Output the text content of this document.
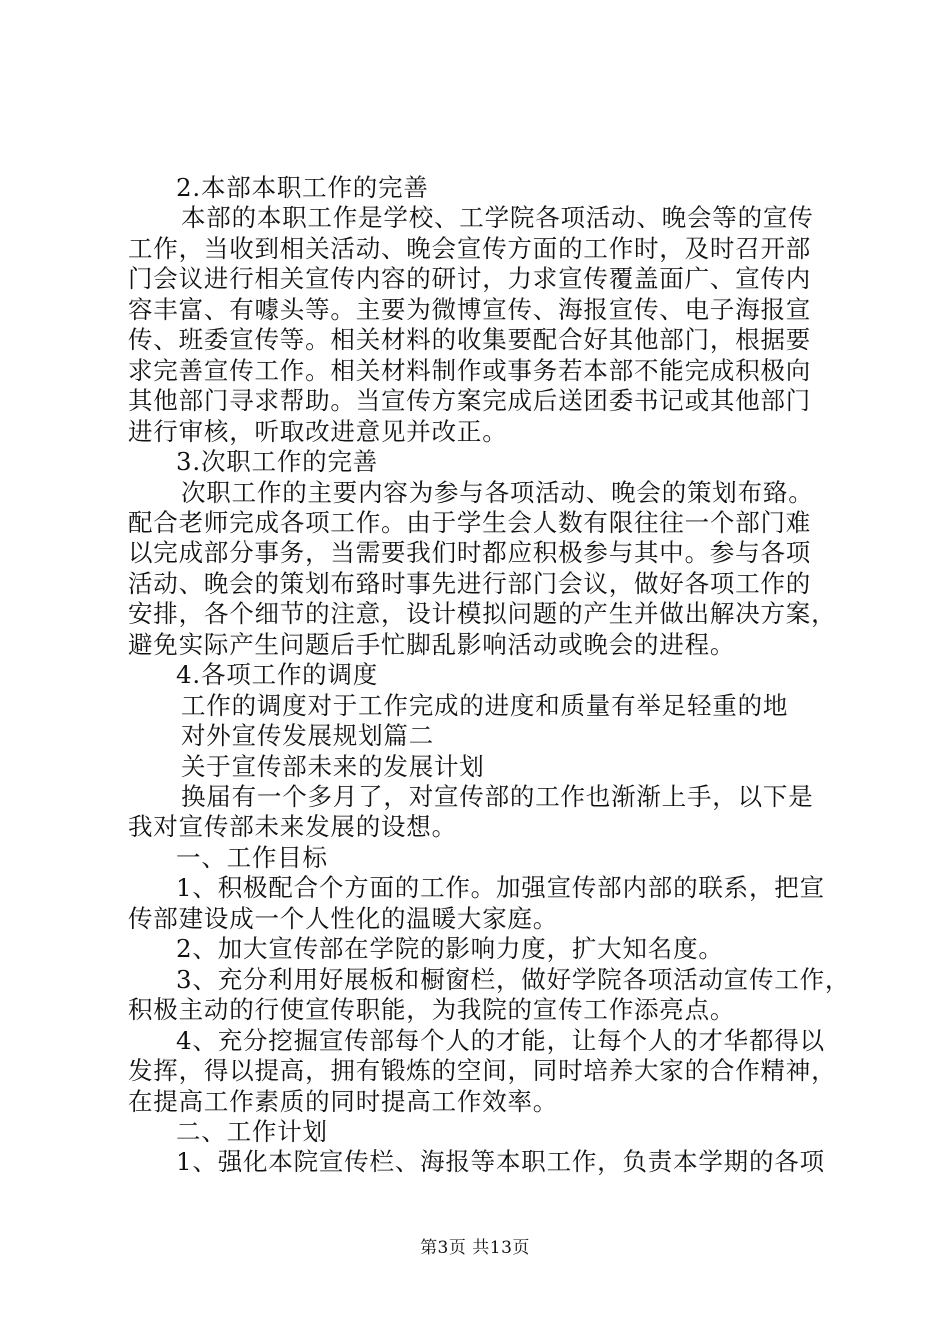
2.本部本职工作的完善
本部的本职工作是学校、工学院各项活动、晚会等的宣传
工作，当收到相关活动、晚会宣传方面的工作时，及时召开部
门会议进行相关宣传内容的研讨，力求宣传覆盖面广、宣传内
容丰富、有噱头等。主要为微博宣传、海报宣传、电子海报宣
传、班委宣传等。相关材料的收集要配合好其他部门，根据要
求完善宣传工作。相关材料制作或事务若本部不能完成积极向
其他部门寻求帮助。当宣传方案完成后送团委书记或其他部门
进行审核，听取改进意见并改正。
3.次职工作的完善
次职工作的主要内容为参与各项活动、晚会的策划布臵。
配合老师完成各项工作。由于学生会人数有限往往一个部门难
以完成部分事务，当需要我们时都应积极参与其中。参与各项
活动、晚会的策划布臵时事先进行部门会议，做好各项工作的
安排，各个细节的注意，设计模拟问题的产生并做出解决方案，
避免实际产生问题后手忙脚乱影响活动或晚会的进程。
4.各项工作的调度
工作的调度对于工作完成的进度和质量有举足轻重的地
对外宣传发展规划篇二
关于宣传部未来的发展计划
换届有一个多月了，对宣传部的工作也渐渐上手，以下是
我对宣传部未来发展的设想。
一、工作目标
1、积极配合个方面的工作。加强宣传部内部的联系，把宣
传部建设成一个人性化的温暖大家庭。
2、加大宣传部在学院的影响力度，扩大知名度。
3、充分利用好展板和橱窗栏，做好学院各项活动宣传工作，
积极主动的行使宣传职能，为我院的宣传工作添亮点。
4、充分挖掘宣传部每个人的才能，让每个人的才华都得以
发挥，得以提高，拥有锻炼的空间，同时培养大家的合作精神，
在提高工作素质的同时提高工作效率。
第3页 共13页
二、工作计划
1、强化本院宣传栏、海报等本职工作，负责本学期的各项
